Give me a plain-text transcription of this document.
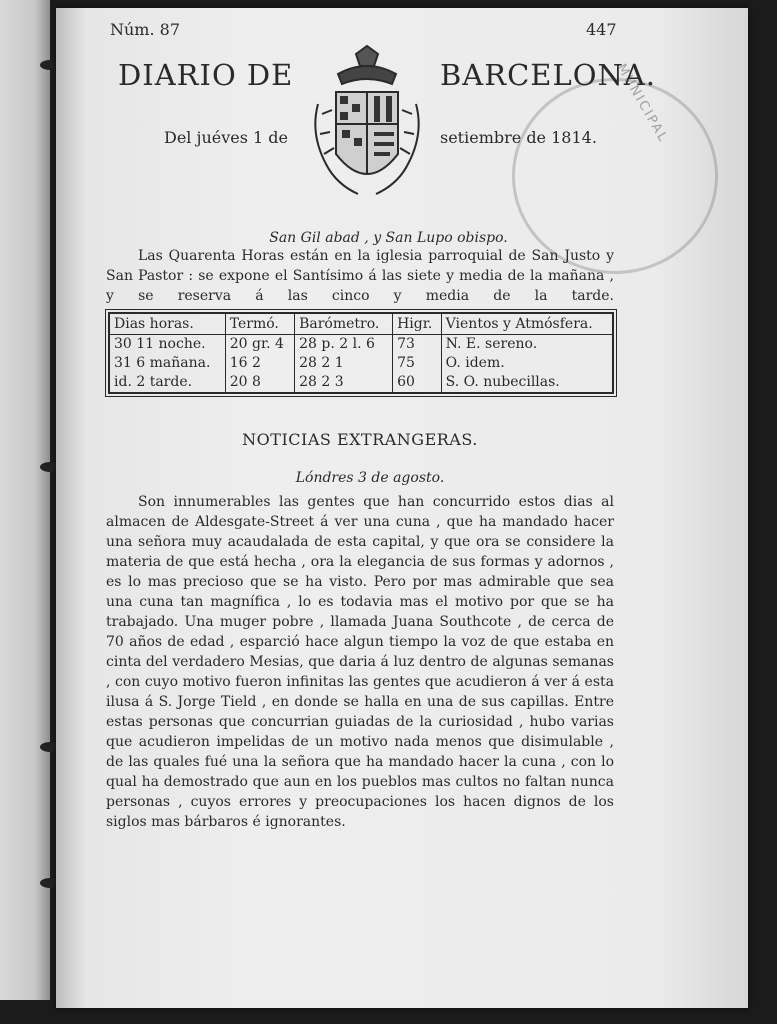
Núm. 87	447
MUNICIPAL
DIARIO DE	BARCELONA.
Del juéves 1 de	setiembre de 1814.
San Gil abad , y San Lupo obispo.

Las Quarenta Horas están en la iglesia parroquial de San Justo y San Pastor : se expone el Santísimo á las siete y media de la mañana , y se reserva á las cinco y media de la tarde.

Dias horas.	Termó.	Barómetro.	Higr.	Vientos y Atmósfera.
30 11 noche.	20 gr. 4	28 p. 2 l. 6	73	N. E. sereno.
31 6 mañana.	16 2	28 2 1	75	O. idem.
id. 2 tarde.	20 8	28 2 3	60	S. O. nubecillas.
NOTICIAS EXTRANGERAS.
Lóndres 3 de agosto.

Son innumerables las gentes que han concurrido estos dias al almacen de Aldesgate-Street á ver una cuna , que ha mandado hacer una señora muy acaudalada de esta capital, y que ora se considere la materia de que está hecha , ora la elegancia de sus formas y adornos , es lo mas precioso que se ha visto. Pero por mas admirable que sea una cuna tan magnífica , lo es todavia mas el motivo por que se ha trabajado. Una muger pobre , llamada Juana Southcote , de cerca de 70 años de edad , esparció hace algun tiempo la voz de que estaba en cinta del verdadero Mesias, que daria á luz dentro de algunas semanas , con cuyo motivo fueron infinitas las gentes que acudieron á ver á esta ilusa á S. Jorge Tield , en donde se halla en una de sus capillas. Entre estas personas que concurrian guiadas de la curiosidad , hubo varias que acudieron impelidas de un motivo nada menos que disimulable , de las quales fué una la señora que ha mandado hacer la cuna , con lo qual ha demostrado que aun en los pueblos mas cultos no faltan nunca personas , cuyos errores y preocupaciones los hacen dignos de los siglos mas bárbaros é ignorantes.
